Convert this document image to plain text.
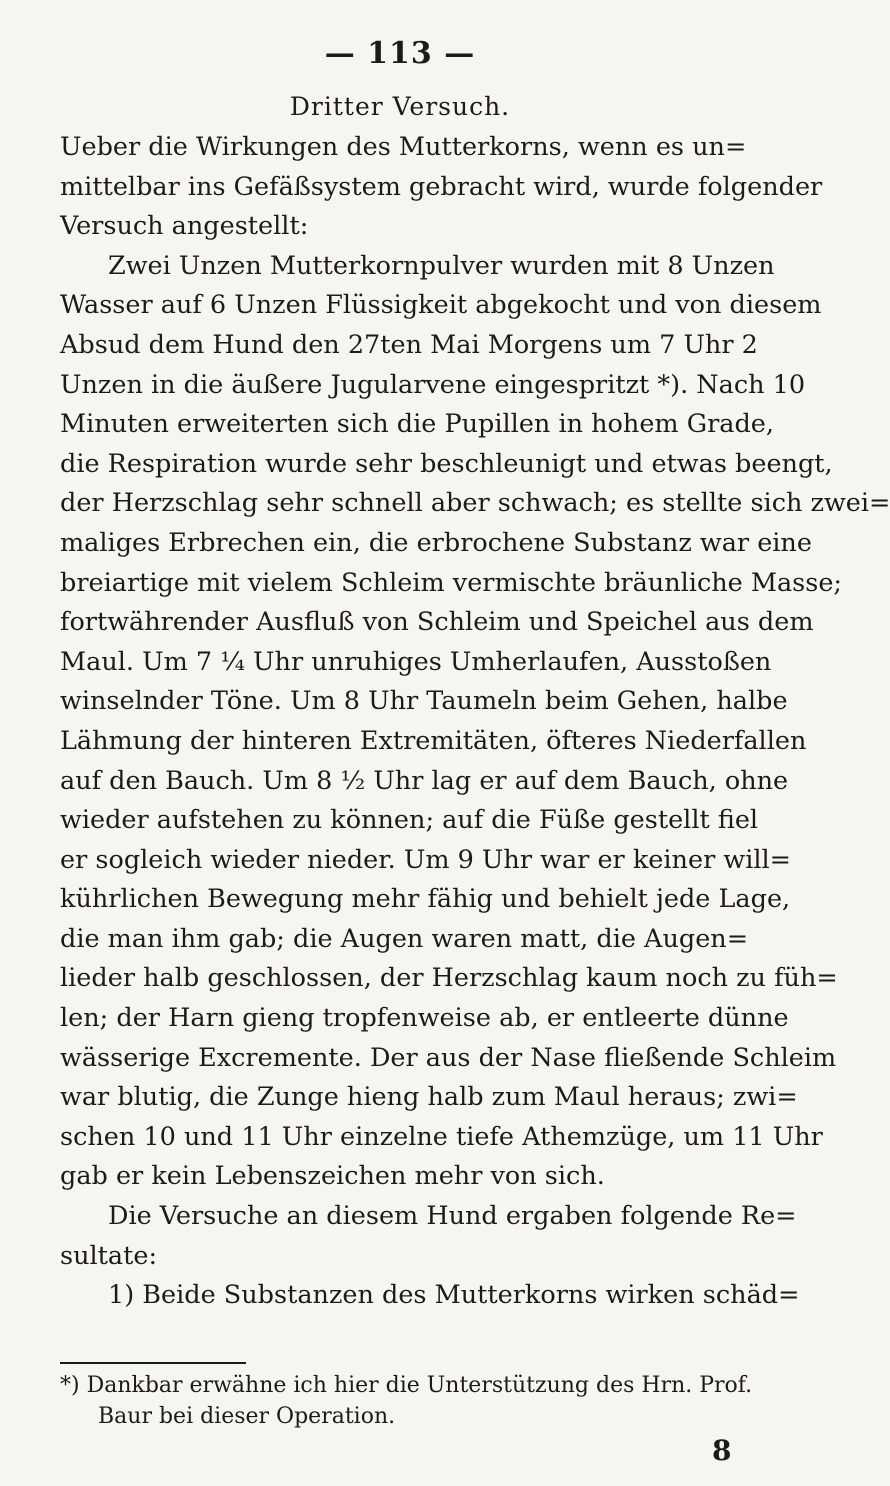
— 113 —
Dritter Versuch.
Ueber die Wirkungen des Mutterkorns, wenn es un=
mittelbar ins Gefäßsystem gebracht wird, wurde folgender
Versuch angestellt:
Zwei Unzen Mutterkornpulver wurden mit 8 Unzen
Wasser auf 6 Unzen Flüssigkeit abgekocht und von diesem
Absud dem Hund den 27ten Mai Morgens um 7 Uhr 2
Unzen in die äußere Jugularvene eingespritzt *). Nach 10
Minuten erweiterten sich die Pupillen in hohem Grade,
die Respiration wurde sehr beschleunigt und etwas beengt,
der Herzschlag sehr schnell aber schwach; es stellte sich zwei=
maliges Erbrechen ein, die erbrochene Substanz war eine
breiartige mit vielem Schleim vermischte bräunliche Masse;
fortwährender Ausfluß von Schleim und Speichel aus dem
Maul. Um 7 ¼ Uhr unruhiges Umherlaufen, Ausstoßen
winselnder Töne. Um 8 Uhr Taumeln beim Gehen, halbe
Lähmung der hinteren Extremitäten, öfteres Niederfallen
auf den Bauch. Um 8 ½ Uhr lag er auf dem Bauch, ohne
wieder aufstehen zu können; auf die Füße gestellt fiel
er sogleich wieder nieder. Um 9 Uhr war er keiner will=
kührlichen Bewegung mehr fähig und behielt jede Lage,
die man ihm gab; die Augen waren matt, die Augen=
lieder halb geschlossen, der Herzschlag kaum noch zu füh=
len; der Harn gieng tropfenweise ab, er entleerte dünne
wässerige Excremente. Der aus der Nase fließende Schleim
war blutig, die Zunge hieng halb zum Maul heraus; zwi=
schen 10 und 11 Uhr einzelne tiefe Athemzüge, um 11 Uhr
gab er kein Lebenszeichen mehr von sich.
Die Versuche an diesem Hund ergaben folgende Re=
sultate:
1) Beide Substanzen des Mutterkorns wirken schäd=
*) Dankbar erwähne ich hier die Unterstützung des Hrn. Prof.
Baur bei dieser Operation.
8
